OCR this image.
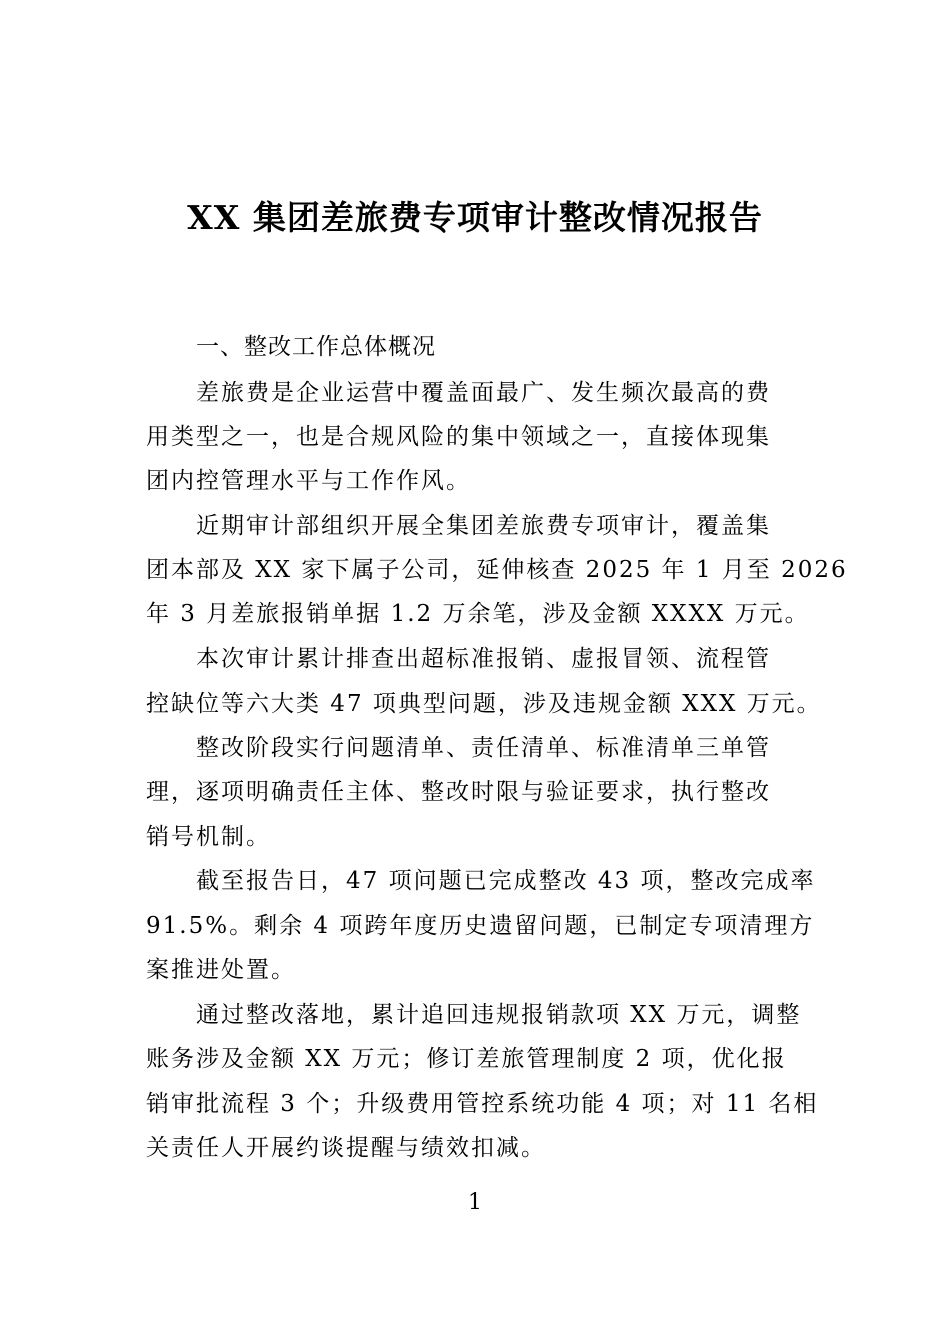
XX 集团差旅费专项审计整改情况报告
一、整改工作总体概况
差旅费是企业运营中覆盖面最广、发生频次最高的费
用类型之一，也是合规风险的集中领域之一，直接体现集
团内控管理水平与工作作风。
近期审计部组织开展全集团差旅费专项审计，覆盖集
团本部及 XX 家下属子公司，延伸核查 2025 年 1 月至 2026
年 3 月差旅报销单据 1.2 万余笔，涉及金额 XXXX 万元。
本次审计累计排查出超标准报销、虚报冒领、流程管
控缺位等六大类 47 项典型问题，涉及违规金额 XXX 万元。
整改阶段实行问题清单、责任清单、标准清单三单管
理，逐项明确责任主体、整改时限与验证要求，执行整改
销号机制。
截至报告日，47 项问题已完成整改 43 项，整改完成率
91.5%。剩余 4 项跨年度历史遗留问题，已制定专项清理方
案推进处置。
通过整改落地，累计追回违规报销款项 XX 万元，调整
账务涉及金额 XX 万元；修订差旅管理制度 2 项，优化报
销审批流程 3 个；升级费用管控系统功能 4 项；对 11 名相
关责任人开展约谈提醒与绩效扣减。
1
